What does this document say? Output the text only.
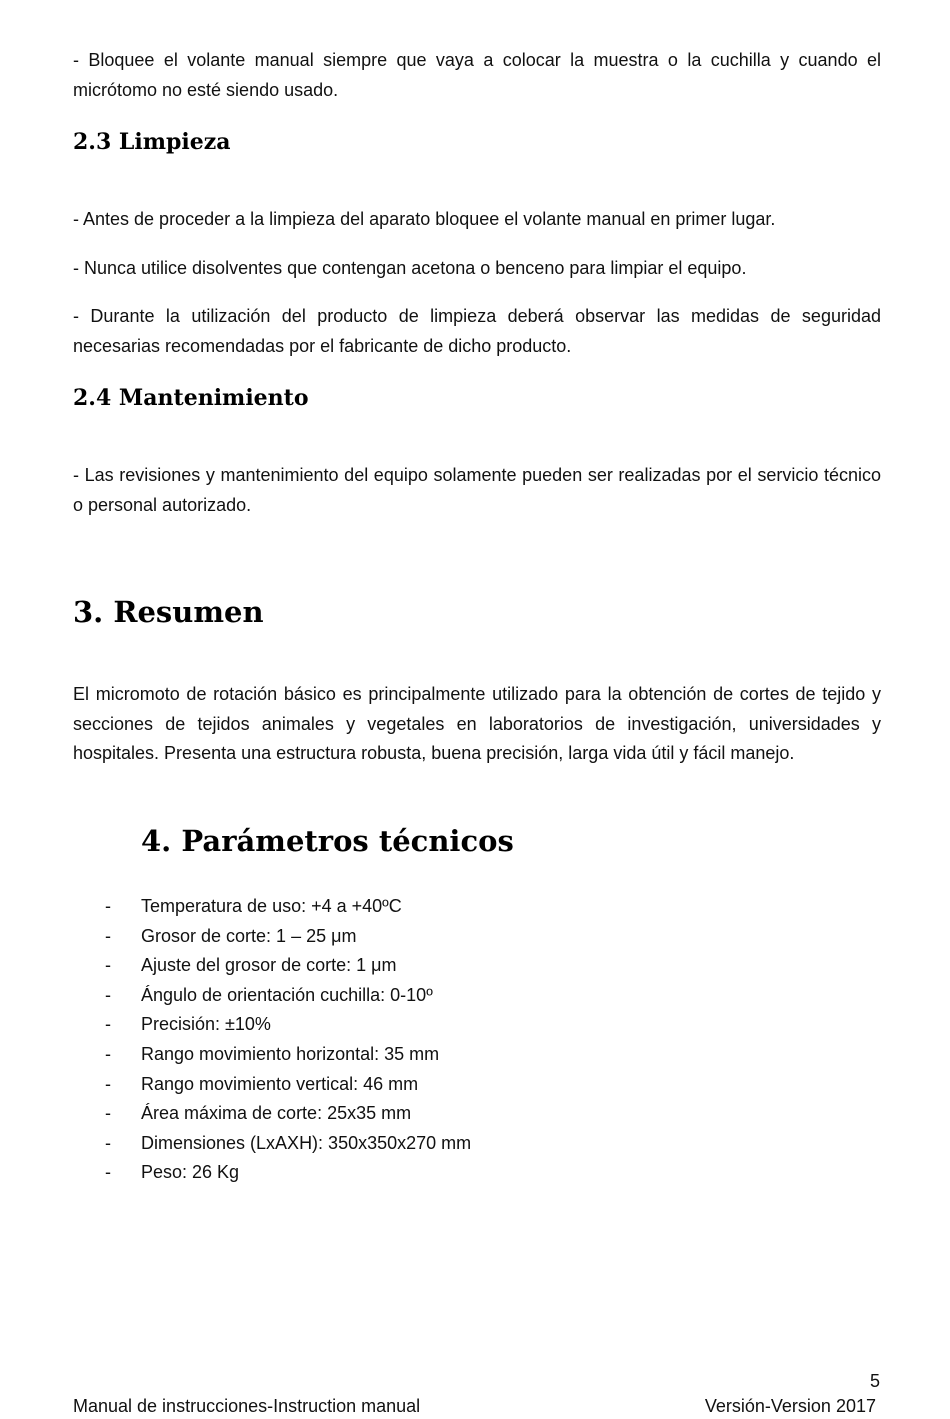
- Bloquee el volante manual siempre que vaya a colocar la muestra o la cuchilla y cuando el micrótomo no esté siendo usado.

2.3 Limpieza

- Antes de proceder a la limpieza del aparato bloquee el volante manual en primer lugar.

- Nunca utilice disolventes que contengan acetona o benceno para limpiar el equipo.

- Durante la utilización del producto de limpieza deberá observar las medidas de seguridad necesarias recomendadas por el fabricante de dicho producto.

2.4 Mantenimiento

- Las revisiones y mantenimiento del equipo solamente pueden ser realizadas por el servicio técnico o personal autorizado.

3. Resumen

El micromoto de rotación básico es principalmente utilizado para la obtención de cortes de tejido y secciones de tejidos animales y vegetales en laboratorios de investigación, universidades y hospitales. Presenta una estructura robusta, buena precisión, larga vida útil y fácil manejo.

4. Parámetros técnicos
- Temperatura de uso: +4 a +40ºC
- Grosor de corte: 1 – 25 μm
- Ajuste del grosor de corte: 1 μm
- Ángulo de orientación cuchilla: 0-10º
- Precisión: ±10%
- Rango movimiento horizontal: 35 mm
- Rango movimiento vertical: 46 mm
- Área máxima de corte: 25x35 mm
- Dimensiones (LxAXH): 350x350x270 mm
- Peso: 26 Kg
5
Manual de instrucciones-Instruction manual	Versión-Version 2017
